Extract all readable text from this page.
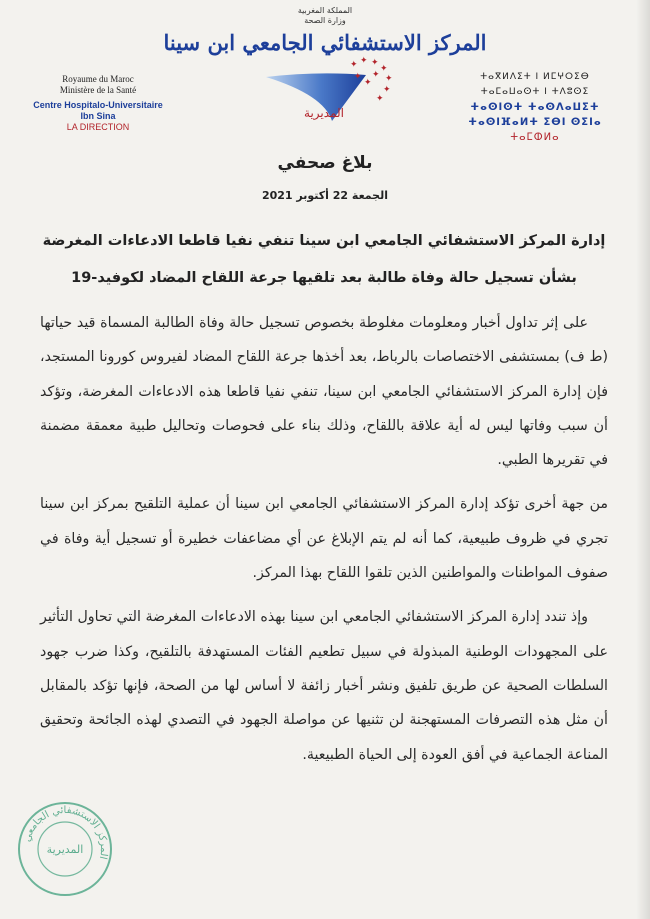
المملكة المغربية
وزارة الصحة
المركز الاستشفائي الجامعي ابن سينا
✦ ✦ ✦
✦
✦
✦
✦
✦
✦
✦
المديرية
Royaume du Maroc
Ministère de la Santé
Centre Hospitalo-Universitaire Ibn Sina
LA DIRECTION
ⵜⴰⴳⵍⴷⵉⵜ ⵏ ⵍⵎⵖⵔⵉⴱ
ⵜⴰⵎⴰⵡⴰⵙⵜ ⵏ ⵜⴷⵓⵙⵉ
ⵜⴰⵙⵏⵙⵜ ⵜⴰⵙⴷⴰⵡⵉⵜ ⵜⴰⵙⵏⴼⴰⵍⵜ ⵉⴱⵏ ⵙⵉⵏⴰ
ⵜⴰⵎⵀⵍⴰ
بلاغ صحفي
الجمعة 22 أكتوبر 2021
إدارة المركز الاستشفائي الجامعي ابن سينا تنفي نفيا قاطعا الادعاءات المغرضة
بشأن تسجيل حالة وفاة طالبة بعد تلقيها جرعة اللقاح المضاد لكوفيد-19

على إثر تداول أخبار ومعلومات مغلوطة بخصوص تسجيل حالة وفاة الطالبة المسماة قيد حياتها (ط ف) بمستشفى الاختصاصات بالرباط، بعد أخذها جرعة اللقاح المضاد لفيروس كورونا المستجد، فإن إدارة المركز الاستشفائي الجامعي ابن سينا، تنفي نفيا قاطعا هذه الادعاءات المغرضة، وتؤكد أن سبب وفاتها ليس له أية علاقة باللقاح، وذلك بناء على فحوصات وتحاليل طبية معمقة مضمنة في تقريرها الطبي.

من جهة أخرى تؤكد إدارة المركز الاستشفائي الجامعي ابن سينا أن عملية التلقيح بمركز ابن سينا تجري في ظروف طبيعية، كما أنه لم يتم الإبلاغ عن أي مضاعفات خطيرة أو تسجيل أية وفاة في صفوف المواطنات والمواطنين الذين تلقوا اللقاح بهذا المركز.

وإذ تندد إدارة المركز الاستشفائي الجامعي ابن سينا بهذه الادعاءات المغرضة التي تحاول التأثير على المجهودات الوطنية المبذولة في سبيل تطعيم الفئات المستهدفة بالتلقيح، وكذا ضرب جهود السلطات الصحية عن طريق تلفيق ونشر أخبار زائفة لا أساس لها من الصحة، فإنها تؤكد بالمقابل أن مثل هذه التصرفات المستهجنة لن تثنيها عن مواصلة الجهود في التصدي لهذه الجائحة وتحقيق المناعة الجماعية في أفق العودة إلى الحياة الطبيعية.

المركز الاستشفائي الجامعي
المديرية
